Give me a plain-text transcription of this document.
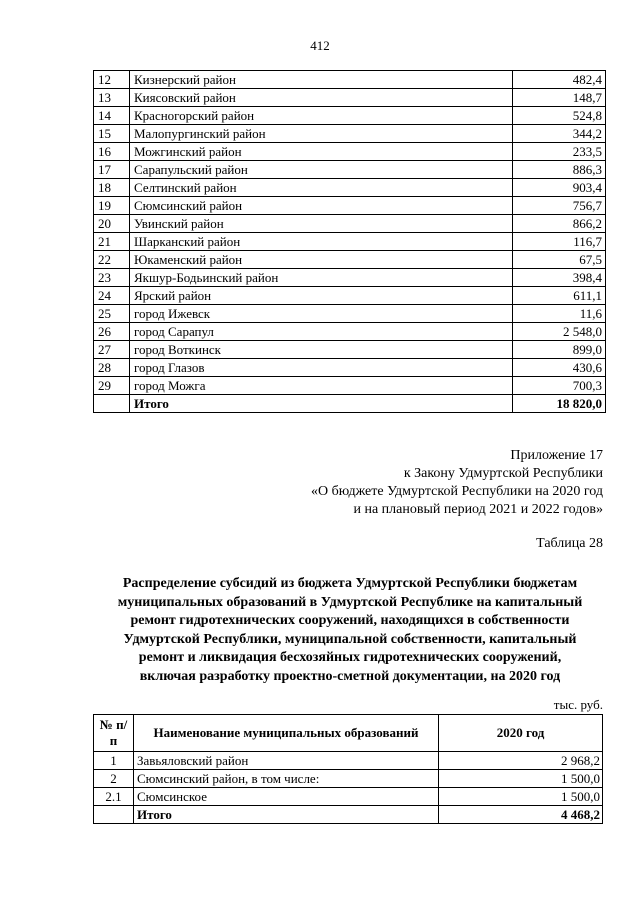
412
12	Кизнерский район	482,4
13	Киясовский район	148,7
14	Красногорский район	524,8
15	Малопургинский район	344,2
16	Можгинский район	233,5
17	Сарапульский район	886,3
18	Селтинский район	903,4
19	Сюмсинский район	756,7
20	Увинский район	866,2
21	Шарканский район	116,7
22	Юкаменский район	67,5
23	Якшур-Бодьинский район	398,4
24	Ярский район	611,1
25	город Ижевск	11,6
26	город Сарапул	2 548,0
27	город Воткинск	899,0
28	город Глазов	430,6
29	город Можга	700,3
	Итого	18 820,0
Приложение 17
к Закону Удмуртской Республики
«О бюджете Удмуртской Республики на 2020 год
и на плановый период 2021 и 2022 годов»
Таблица 28
Распределение субсидий из бюджета Удмуртской Республики бюджетам
муниципальных образований в Удмуртской Республике на капитальный
ремонт гидротехнических сооружений, находящихся в собственности
Удмуртской Республики, муниципальной собственности, капитальный
ремонт и ликвидация бесхозяйных гидротехнических сооружений,
включая разработку проектно-сметной документации, на 2020 год
тыс. руб.
№ п/п	Наименование муниципальных образований	2020 год
1	Завьяловский район	2 968,2
2	Сюмсинский район, в том числе:	1 500,0
2.1	Сюмсинское	1 500,0
	Итого	4 468,2
